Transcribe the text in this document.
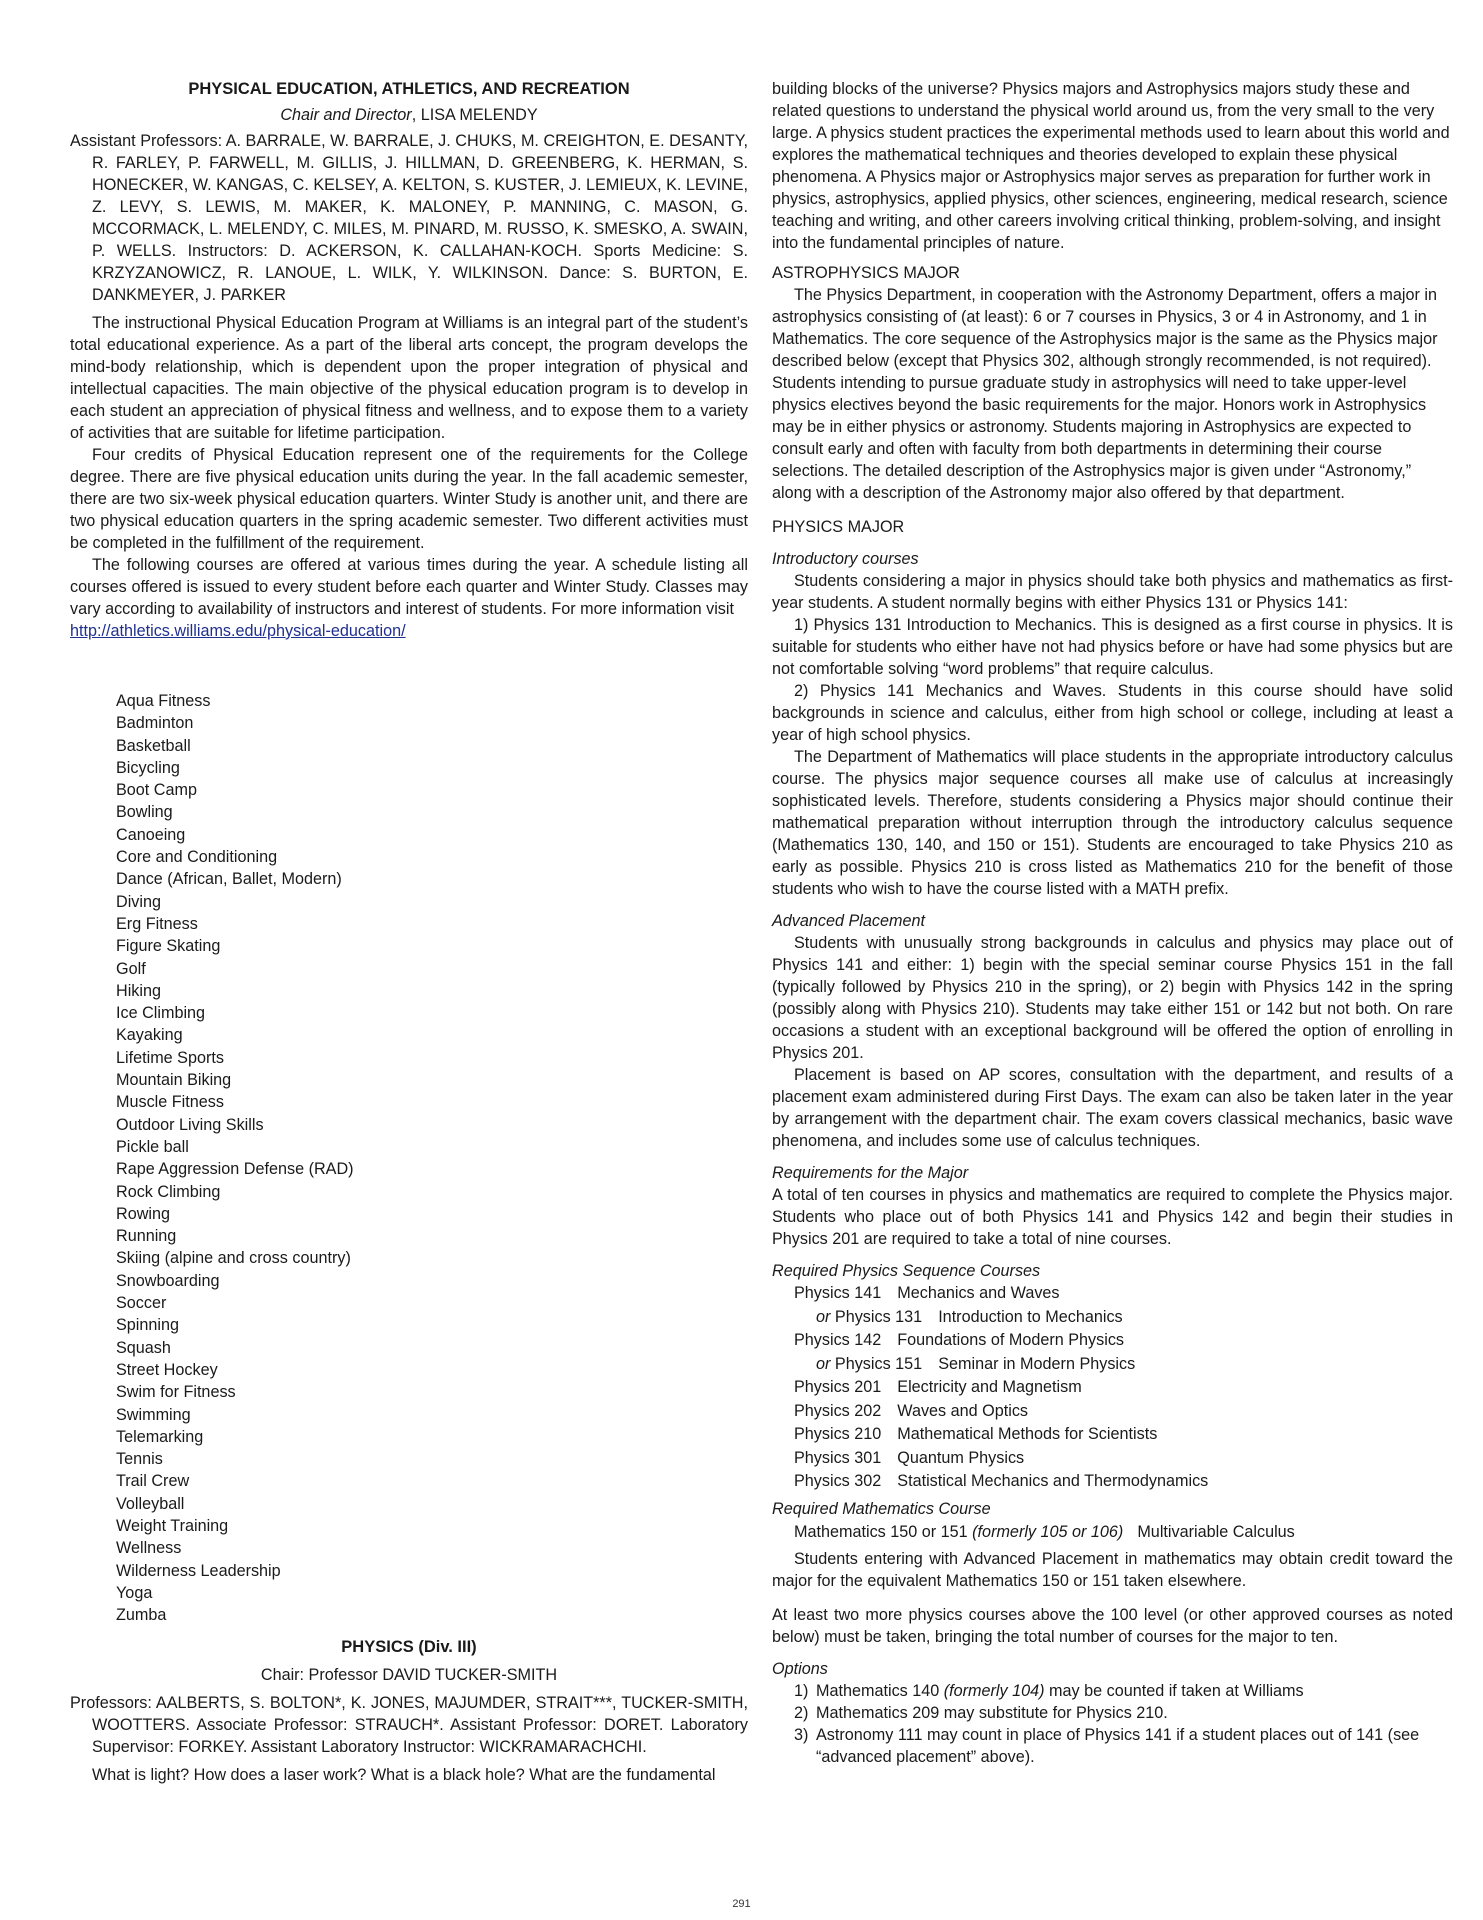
PHYSICAL EDUCATION, ATHLETICS, AND RECREATION

Chair and Director, LISA MELENDY

Assistant Professors: A. BARRALE, W. BARRALE, J. CHUKS, M. CREIGHTON, E. DESANTY, R. FARLEY, P. FARWELL, M. GILLIS, J. HILLMAN, D. GREENBERG, K. HERMAN, S. HONECKER, W. KANGAS, C. KELSEY, A. KELTON, S. KUSTER, J. LEMIEUX, K. LEVINE, Z. LEVY, S. LEWIS, M. MAKER, K. MALONEY, P. MANNING, C. MASON, G. MCCORMACK, L. MELENDY, C. MILES, M. PINARD, M. RUSSO, K. SMESKO, A. SWAIN, P. WELLS. Instructors: D. ACKERSON, K. CALLAHAN-KOCH. Sports Medicine: S. KRZYZANOWICZ, R. LANOUE, L. WILK, Y. WILKINSON. Dance: S. BURTON, E. DANKMEYER, J. PARKER

The instructional Physical Education Program at Williams is an integral part of the student’s total educational experience. As a part of the liberal arts concept, the program develops the mind-body relationship, which is dependent upon the proper integration of physical and intellectual capacities. The main objective of the physical education program is to develop in each student an appreciation of physical fitness and wellness, and to expose them to a variety of activities that are suitable for lifetime participation.

Four credits of Physical Education represent one of the requirements for the College degree. There are five physical education units during the year. In the fall academic semester, there are two six-week physical education quarters. Winter Study is another unit, and there are two physical education quarters in the spring academic semester. Two different activities must be completed in the fulfillment of the requirement.

The following courses are offered at various times during the year. A schedule listing all courses offered is issued to every student before each quarter and Winter Study. Classes may vary according to availability of instructors and interest of students. For more information visit

http://athletics.williams.edu/physical-education/

Aqua Fitness
Badminton
Basketball
Bicycling
Boot Camp
Bowling
Canoeing
Core and Conditioning
Dance (African, Ballet, Modern)
Diving
Erg Fitness
Figure Skating
Golf
Hiking
Ice Climbing
Kayaking
Lifetime Sports
Mountain Biking
Muscle Fitness
Outdoor Living Skills
Pickle ball
Rape Aggression Defense (RAD)
Rock Climbing
Rowing
Running
Skiing (alpine and cross country)
Snowboarding
Soccer
Spinning
Squash
Street Hockey
Swim for Fitness
Swimming
Telemarking
Tennis
Trail Crew
Volleyball
Weight Training
Wellness
Wilderness Leadership
Yoga
Zumba

PHYSICS (Div. III)

Chair: Professor DAVID TUCKER-SMITH

Professors: AALBERTS, S. BOLTON*, K. JONES, MAJUMDER, STRAIT***, TUCKER-SMITH, WOOTTERS. Associate Professor: STRAUCH*. Assistant Professor: DORET. Laboratory Supervisor: FORKEY. Assistant Laboratory Instructor: WICKRAMARACHCHI.

What is light? How does a laser work? What is a black hole? What are the fundamental

building blocks of the universe? Physics majors and Astrophysics majors study these and related questions to understand the physical world around us, from the very small to the very large. A physics student practices the experimental methods used to learn about this world and explores the mathematical techniques and theories developed to explain these physical phenomena. A Physics major or Astrophysics major serves as preparation for further work in physics, astrophysics, applied physics, other sciences, engineering, medical research, science teaching and writing, and other careers involving critical thinking, problem-solving, and insight into the fundamental principles of nature.

ASTROPHYSICS MAJOR

The Physics Department, in cooperation with the Astronomy Department, offers a major in astrophysics consisting of (at least): 6 or 7 courses in Physics, 3 or 4 in Astronomy, and 1 in Mathematics. The core sequence of the Astrophysics major is the same as the Physics major described below (except that Physics 302, although strongly recommended, is not required). Students intending to pursue graduate study in astrophysics will need to take upper-level physics electives beyond the basic requirements for the major. Honors work in Astrophysics may be in either physics or astronomy. Students majoring in Astrophysics are expected to consult early and often with faculty from both departments in determining their course selections. The detailed description of the Astrophysics major is given under “Astronomy,” along with a description of the Astronomy major also offered by that department.

PHYSICS MAJOR

Introductory courses

Students considering a major in physics should take both physics and mathematics as first-year students. A student normally begins with either Physics 131 or Physics 141:

1) Physics 131 Introduction to Mechanics. This is designed as a first course in physics. It is suitable for students who either have not had physics before or have had some physics but are not comfortable solving “word problems” that require calculus.

2) Physics 141 Mechanics and Waves. Students in this course should have solid backgrounds in science and calculus, either from high school or college, including at least a year of high school physics.

The Department of Mathematics will place students in the appropriate introductory calculus course. The physics major sequence courses all make use of calculus at increasingly sophisticated levels. Therefore, students considering a Physics major should continue their mathematical preparation without interruption through the introductory calculus sequence (Mathematics 130, 140, and 150 or 151). Students are encouraged to take Physics 210 as early as possible. Physics 210 is cross listed as Mathematics 210 for the benefit of those students who wish to have the course listed with a MATH prefix.

Advanced Placement

Students with unusually strong backgrounds in calculus and physics may place out of Physics 141 and either: 1) begin with the special seminar course Physics 151 in the fall (typically followed by Physics 210 in the spring), or 2) begin with Physics 142 in the spring (possibly along with Physics 210). Students may take either 151 or 142 but not both. On rare occasions a student with an exceptional background will be offered the option of enrolling in Physics 201.

Placement is based on AP scores, consultation with the department, and results of a placement exam administered during First Days. The exam can also be taken later in the year by arrangement with the department chair. The exam covers classical mechanics, basic wave phenomena, and includes some use of calculus techniques.

Requirements for the Major

A total of ten courses in physics and mathematics are required to complete the Physics major. Students who place out of both Physics 141 and Physics 142 and begin their studies in Physics 201 are required to take a total of nine courses.

Required Physics Sequence Courses

Physics 141 Mechanics and Waves
or Physics 131 Introduction to Mechanics
Physics 142 Foundations of Modern Physics
or Physics 151 Seminar in Modern Physics
Physics 201 Electricity and Magnetism
Physics 202 Waves and Optics
Physics 210 Mathematical Methods for Scientists
Physics 301 Quantum Physics
Physics 302 Statistical Mechanics and Thermodynamics

Required Mathematics Course

Mathematics 150 or 151 (formerly 105 or 106) Multivariable Calculus

Students entering with Advanced Placement in mathematics may obtain credit toward the major for the equivalent Mathematics 150 or 151 taken elsewhere.

At least two more physics courses above the 100 level (or other approved courses as noted below) must be taken, bringing the total number of courses for the major to ten.

Options

1) Mathematics 140 (formerly 104) may be counted if taken at Williams
2) Mathematics 209 may substitute for Physics 210.
3) Astronomy 111 may count in place of Physics 141 if a student places out of 141 (see “advanced placement” above).
291
